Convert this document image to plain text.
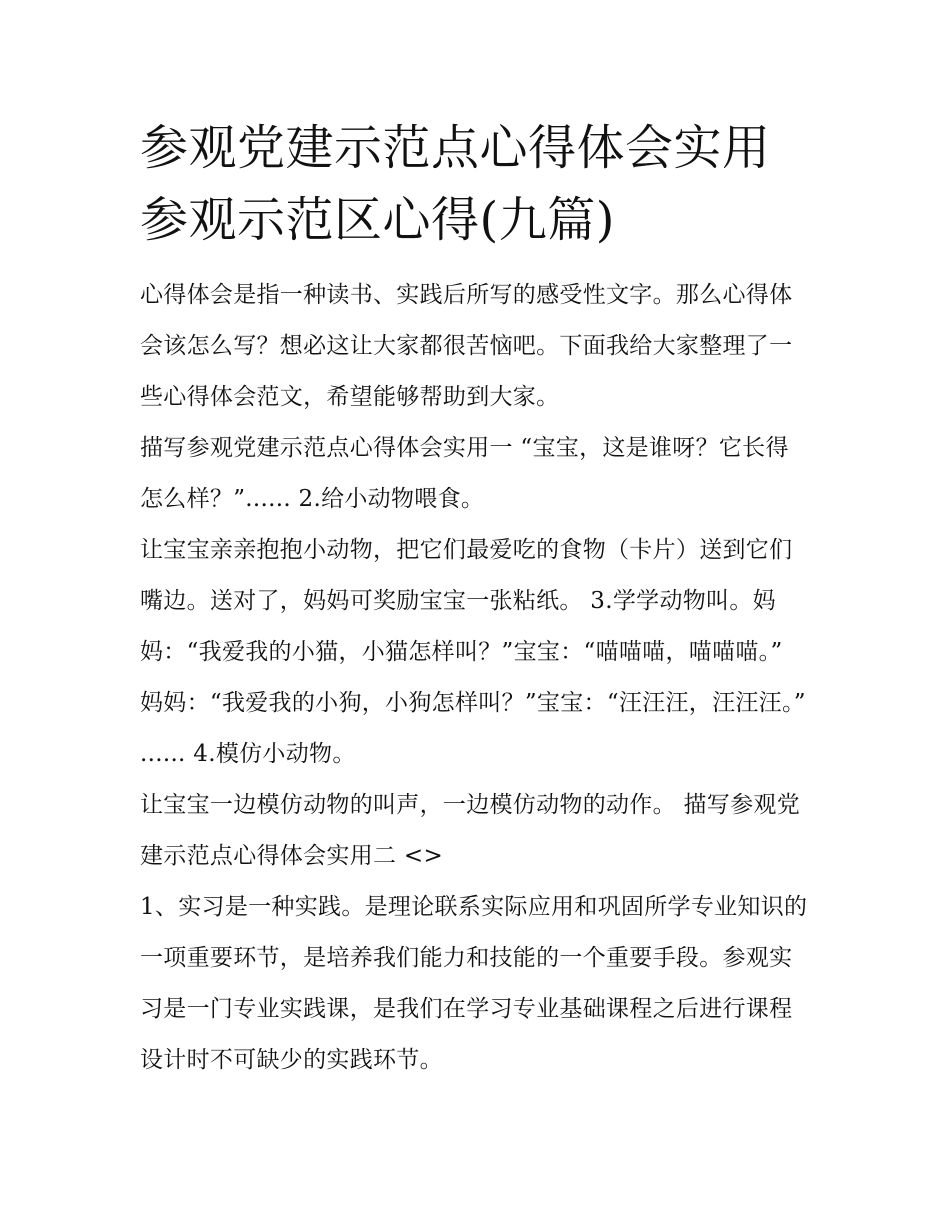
参观党建示范点心得体会实用参观示范区心得(九篇)

心得体会是指一种读书、实践后所写的感受性文字。那么心得体会该怎么写？想必这让大家都很苦恼吧。下面我给大家整理了一些心得体会范文，希望能够帮助到大家。

描写参观党建示范点心得体会实用一 “宝宝，这是谁呀？它长得怎么样？”...... 2.给小动物喂食。

让宝宝亲亲抱抱小动物，把它们最爱吃的食物（卡片）送到它们嘴边。送对了，妈妈可奖励宝宝一张粘纸。 3.学学动物叫。妈妈：“我爱我的小猫，小猫怎样叫？”宝宝：“喵喵喵，喵喵喵。” 妈妈：“我爱我的小狗，小狗怎样叫？”宝宝：“汪汪汪，汪汪汪。” ...... 4.模仿小动物。

让宝宝一边模仿动物的叫声，一边模仿动物的动作。 描写参观党建示范点心得体会实用二 <>

1、实习是一种实践。是理论联系实际应用和巩固所学专业知识的一项重要环节，是培养我们能力和技能的一个重要手段。参观实习是一门专业实践课，是我们在学习专业基础课程之后进行课程设计时不可缺少的实践环节。
